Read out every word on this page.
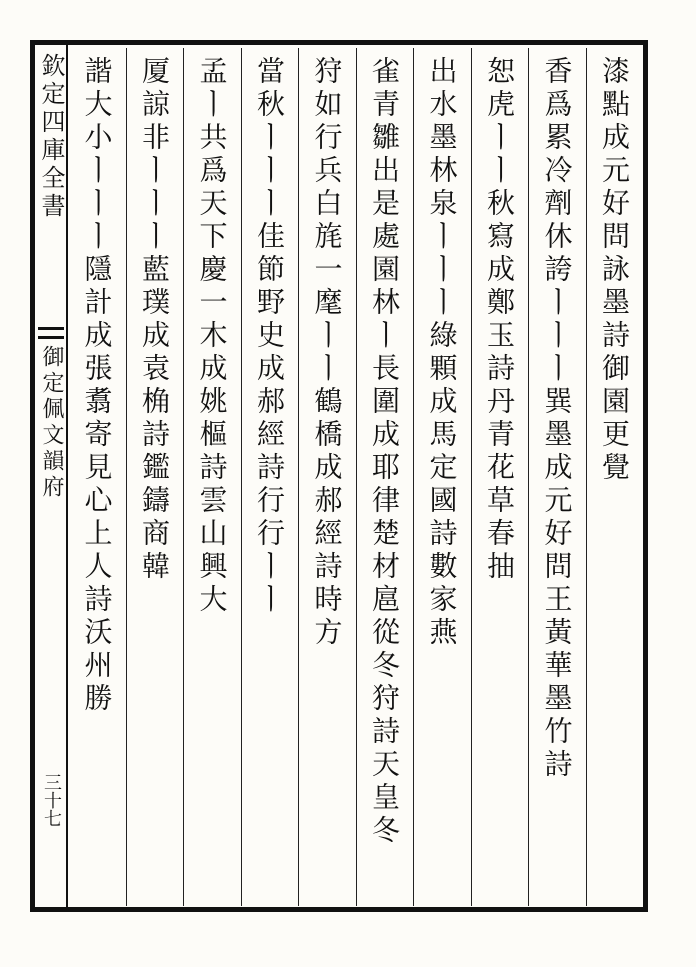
欽定四庫全書
御定佩文韻府
三十七
漆點成元好問詠墨詩御園更覺
香爲累冷劑休誇ㅣㅣㅣ巽墨成元好問王黃華墨竹詩
恕虎ㅣㅣ秋寫成鄭玉詩丹青花草春抽
出水墨林泉ㅣㅣㅣ綠顆成馬定國詩數家燕
雀青雛出是處園林ㅣ長圍成耶律楚材扈從冬狩詩天皇冬
狩如行兵白旄一麾ㅣㅣ鶴橋成郝經詩時方
當秋ㅣㅣㅣ佳節野史成郝經詩行行ㅣㅣ
孟ㅣ共爲天下慶一木成姚樞詩雲山興大
厦諒非ㅣㅣㅣ藍璞成袁桷詩鑑鑄商韓
諧大小ㅣㅣㅣ隱計成張翥寄見心上人詩沃州勝
